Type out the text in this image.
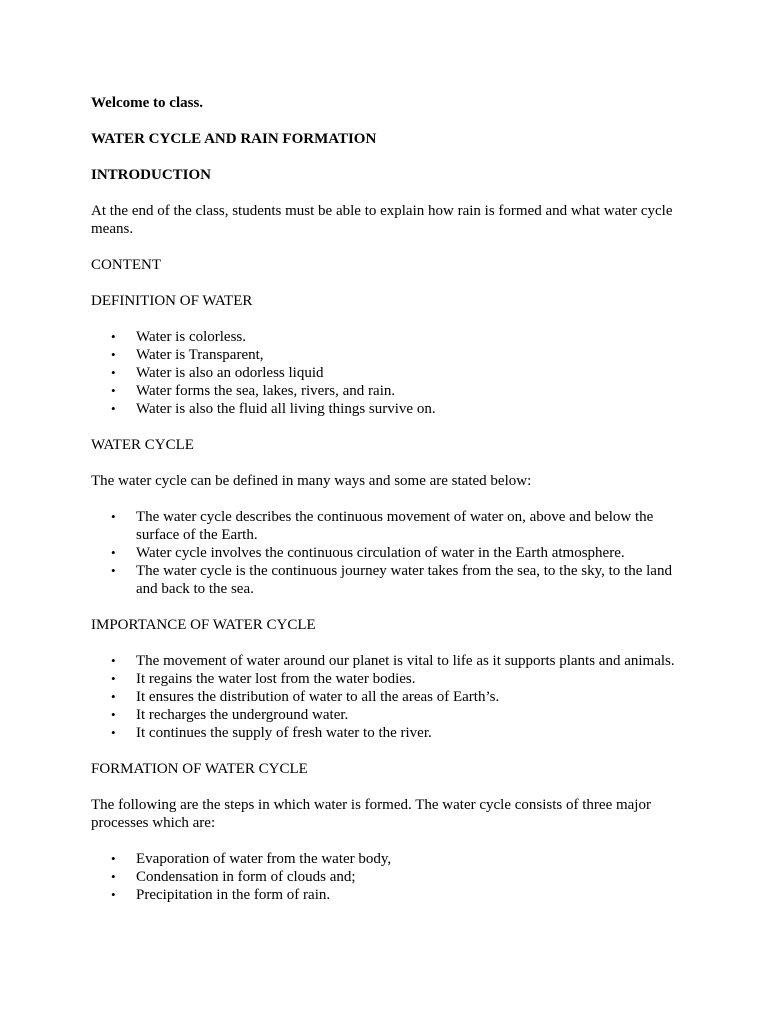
Welcome to class.

WATER CYCLE AND RAIN FORMATION

INTRODUCTION

At the end of the class, students must be able to explain how rain is formed and what water cycle means.

CONTENT

DEFINITION OF WATER

• Water is colorless.
• Water is Transparent,
• Water is also an odorless liquid
• Water forms the sea, lakes, rivers, and rain.
• Water is also the fluid all living things survive on.

WATER CYCLE

The water cycle can be defined in many ways and some are stated below:

• The water cycle describes the continuous movement of water on, above and below the surface of the Earth.
• Water cycle involves the continuous circulation of water in the Earth atmosphere.
• The water cycle is the continuous journey water takes from the sea, to the sky, to the land and back to the sea.

IMPORTANCE OF WATER CYCLE

• The movement of water around our planet is vital to life as it supports plants and animals.
• It regains the water lost from the water bodies.
• It ensures the distribution of water to all the areas of Earth’s.
• It recharges the underground water.
• It continues the supply of fresh water to the river.

FORMATION OF WATER CYCLE

The following are the steps in which water is formed. The water cycle consists of three major processes which are:

• Evaporation of water from the water body,
• Condensation in form of clouds and;
• Precipitation in the form of rain.
